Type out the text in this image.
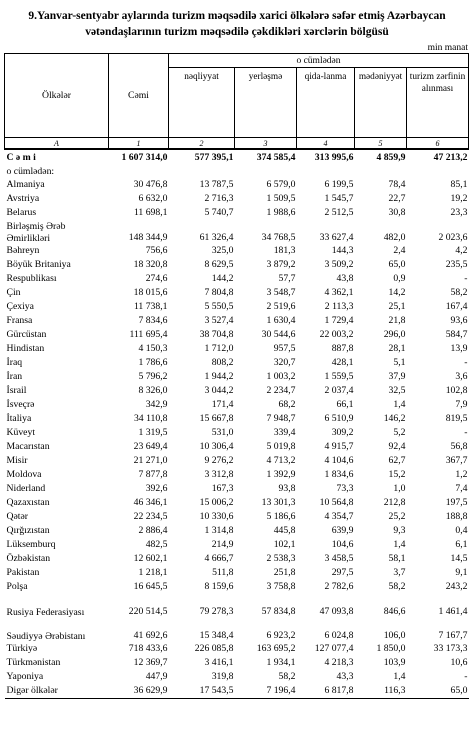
9.Yanvar-sentyabr aylarında turizm məqsədilə xarici ölkələrə səfər etmiş Azərbaycan
vətəndaşlarının turizm məqsədilə çəkdikləri xərclərin bölgüsü
min manat
Ölkələr	Cəmi	o cümlədən				
		nəqliyyat	yerləşmə	qida-lanma	mədəniyyət	turizm zərfinin alınması
A	1	2	3	4	5	6
C ə m i	1 607 314,0	577 395,1	374 585,4	313 995,6	4 859,9	47 213,2
o cümlədən:						
Almaniya	30 476,8	13 787,5	6 579,0	6 199,5	78,4	85,1
Avstriya	6 632,0	2 716,3	1 509,5	1 545,7	22,7	19,2
Belarus	11 698,1	5 740,7	1 988,6	2 512,5	30,8	23,3
Birləşmiş Ərəb Əmirlikləri	148 344,9	61 326,4	34 768,5	33 627,4	482,0	2 023,6
Bəhreyn	756,6	325,0	181,3	144,3	2,4	4,2
Böyük Britaniya	18 320,8	8 629,5	3 879,2	3 509,2	65,0	235,5
Respublikası	274,6	144,2	57,7	43,8	0,9	-
Çin	18 015,6	7 804,8	3 548,7	4 362,1	14,2	58,2
Çexiya	11 738,1	5 550,5	2 519,6	2 113,3	25,1	167,4
Fransa	7 834,6	3 527,4	1 630,4	1 729,4	21,8	93,6
Gürcüstan	111 695,4	38 704,8	30 544,6	22 003,2	296,0	584,7
Hindistan	4 150,3	1 712,0	957,5	887,8	28,1	13,9
İraq	1 786,6	808,2	320,7	428,1	5,1	-
İran	5 796,2	1 944,2	1 003,2	1 559,5	37,9	3,6
İsrail	8 326,0	3 044,2	2 234,7	2 037,4	32,5	102,8
İsveçrə	342,9	171,4	68,2	66,1	1,4	7,9
İtaliya	34 110,8	15 667,8	7 948,7	6 510,9	146,2	819,5
Küveyt	1 319,5	531,0	339,4	309,2	5,2	-
Macarıstan	23 649,4	10 306,4	5 019,8	4 915,7	92,4	56,8
Misir	21 271,0	9 276,2	4 713,2	4 104,6	62,7	367,7
Moldova	7 877,8	3 312,8	1 392,9	1 834,6	15,2	1,2
Niderland	392,6	167,3	93,8	73,3	1,0	7,4
Qazaxıstan	46 346,1	15 006,2	13 301,3	10 564,8	212,8	197,5
Qətər	22 234,5	10 330,6	5 186,6	4 354,7	25,2	188,8
Qırğızıstan	2 886,4	1 314,8	445,8	639,9	9,3	0,4
Lüksemburq	482,5	214,9	102,1	104,6	1,4	6,1
Özbəkistan	12 602,1	4 666,7	2 538,3	3 458,5	58,1	14,5
Pakistan	1 218,1	511,8	251,8	297,5	3,7	9,1
Polşa	16 645,5	8 159,6	3 758,8	2 782,6	58,2	243,2
Rusiya Federasiyası	220 514,5	79 278,3	57 834,8	47 093,8	846,6	1 461,4
Səudiyyə Ərəbistanı	41 692,6	15 348,4	6 923,2	6 024,8	106,0	7 167,7
Türkiyə	718 433,6	226 085,8	163 695,2	127 077,4	1 850,0	33 173,3
Türkmənistan	12 369,7	3 416,1	1 934,1	4 218,3	103,9	10,6
Yaponiya	447,9	319,8	58,2	43,3	1,4	-
Digər ölkələr	36 629,9	17 543,5	7 196,4	6 817,8	116,3	65,0
